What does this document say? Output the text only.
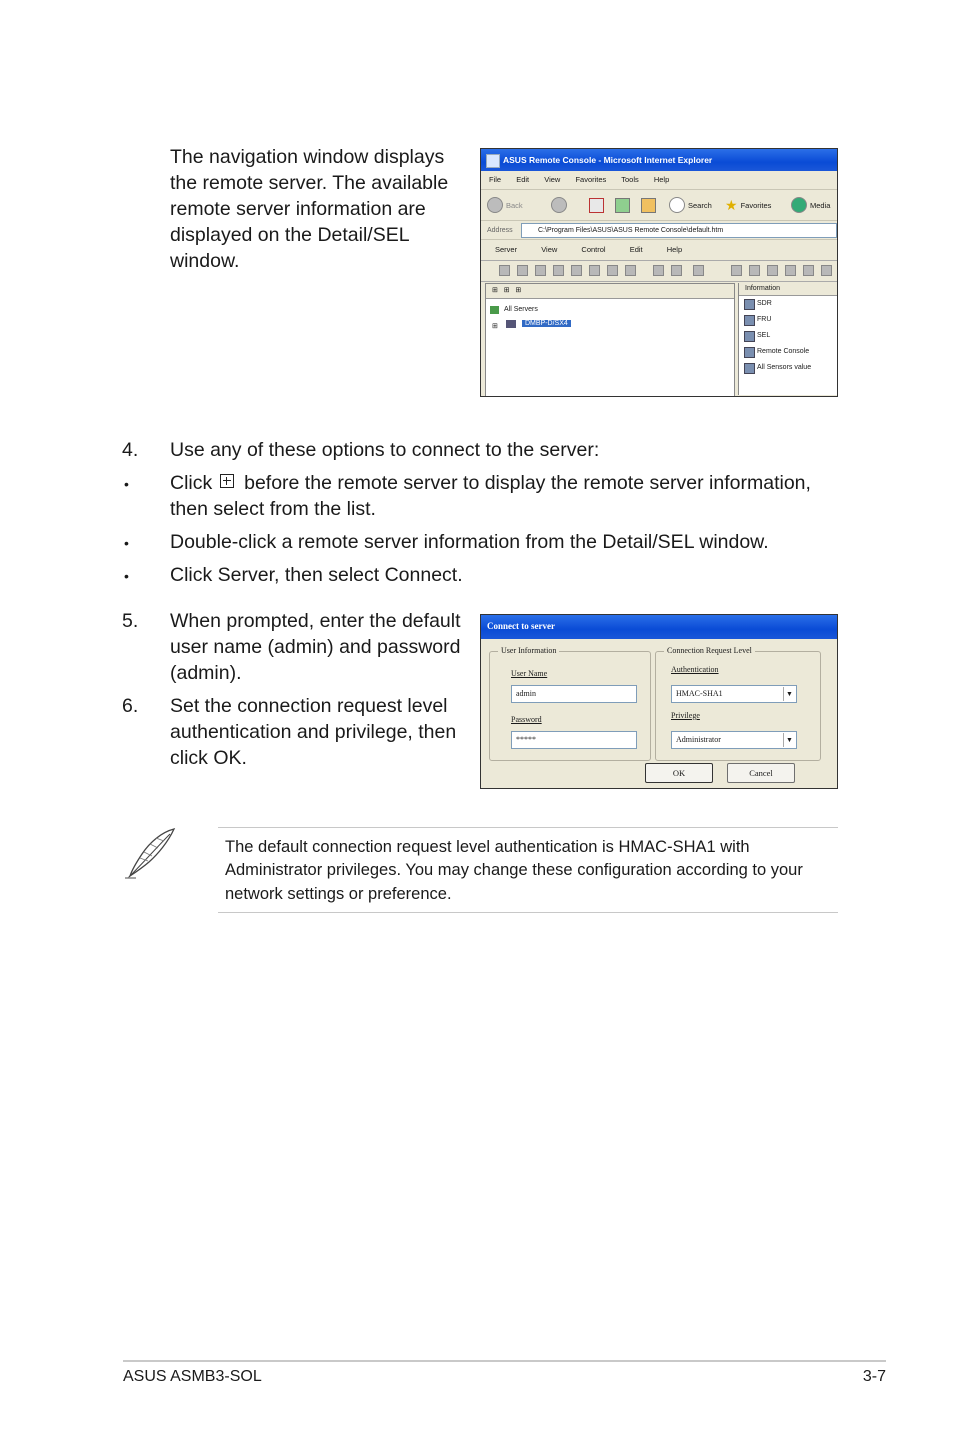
The navigation window displays the remote server. The available remote server information are displayed on the Detail/SEL window.
ASUS Remote Console - Microsoft Internet Explorer
File Edit View Favorites Tools Help
Back	Search ★ Favorites	Media
Address	C:\Program Files\ASUS\ASUS Remote Console\default.htm
Server	View	Control	Edit	Help
⊞   ⊞   ⊞
All Servers
⊞	DMBP-D/SX4
Information
SDR
FRU
SEL
Remote Console
All Sensors value
4. Use any of these options to connect to the server:
• Click before the remote server to display the remote server information, then select from the list.
• Double-click a remote server information from the Detail/SEL window.
• Click Server, then select Connect.
5. When prompted, enter the default user name (admin) and password (admin).
6. Set the connection request level authentication and privilege, then click OK.
Connect to server
User Information	Connection Request Level
User Name
admin
Password
*****
Authentication
HMAC-SHA1	▼
Privilege
Administrator	▼
OK	Cancel
The default connection request level authentication is HMAC-SHA1 with Administrator privileges. You may change these configuration according to your network settings or preference.
ASUS ASMB3-SOL	3-7
